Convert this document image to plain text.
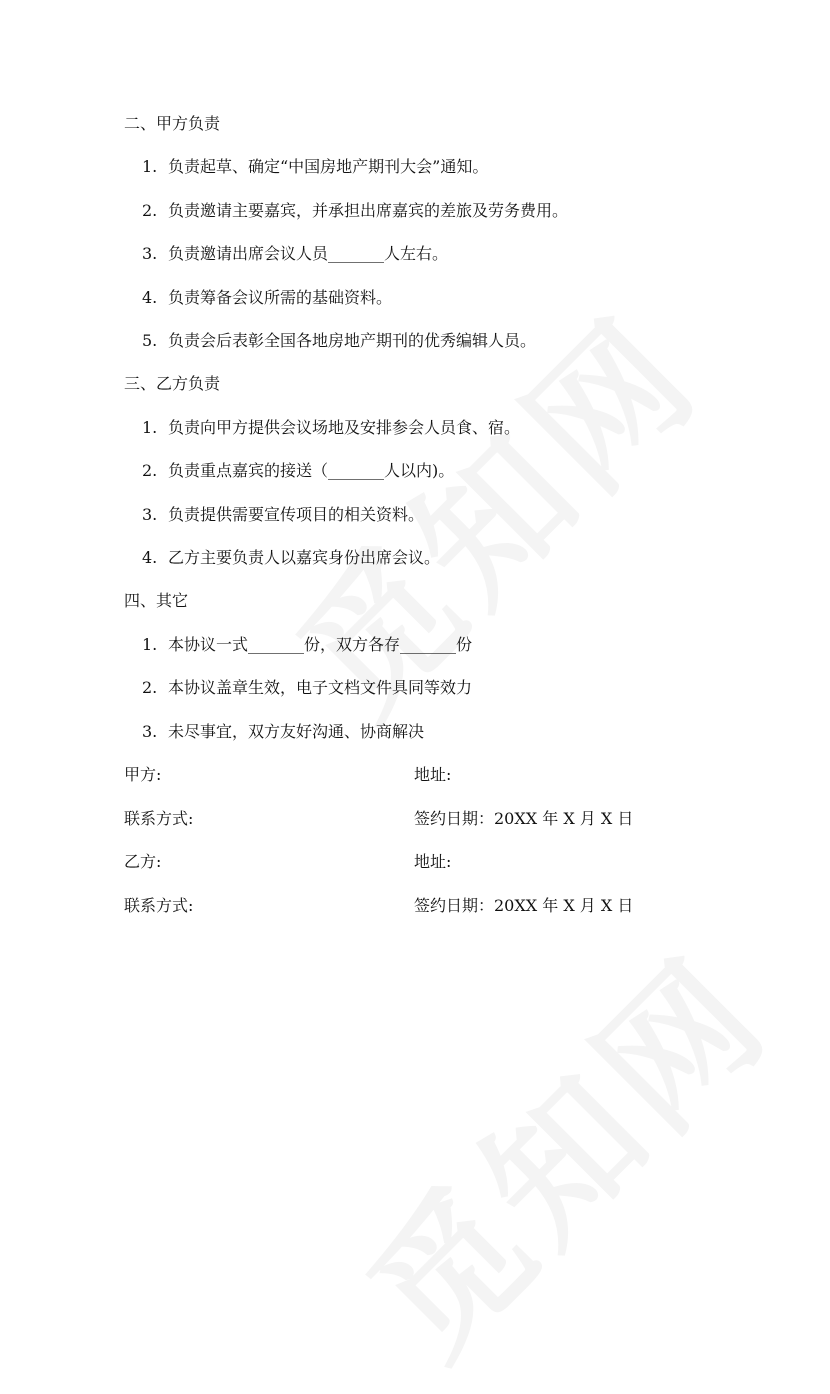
二、甲方负责
1. 负责起草、确定“中国房地产期刊大会”通知。
2. 负责邀请主要嘉宾，并承担出席嘉宾的差旅及劳务费用。
3. 负责邀请出席会议人员_______人左右。
4. 负责筹备会议所需的基础资料。
5. 负责会后表彰全国各地房地产期刊的优秀编辑人员。
三、乙方负责
1. 负责向甲方提供会议场地及安排参会人员食、宿。
2. 负责重点嘉宾的接送（_______人以内)。
3. 负责提供需要宣传项目的相关资料。
4. 乙方主要负责人以嘉宾身份出席会议。
四、其它
1. 本协议一式_______份，双方各存_______份
2. 本协议盖章生效，电子文档文件具同等效力
3. 未尽事宜，双方友好沟通、协商解决
甲方:	地址:
联系方式:	签约日期：20XX 年 X 月 X 日
乙方:	地址:
联系方式:	签约日期：20XX 年 X 月 X 日
